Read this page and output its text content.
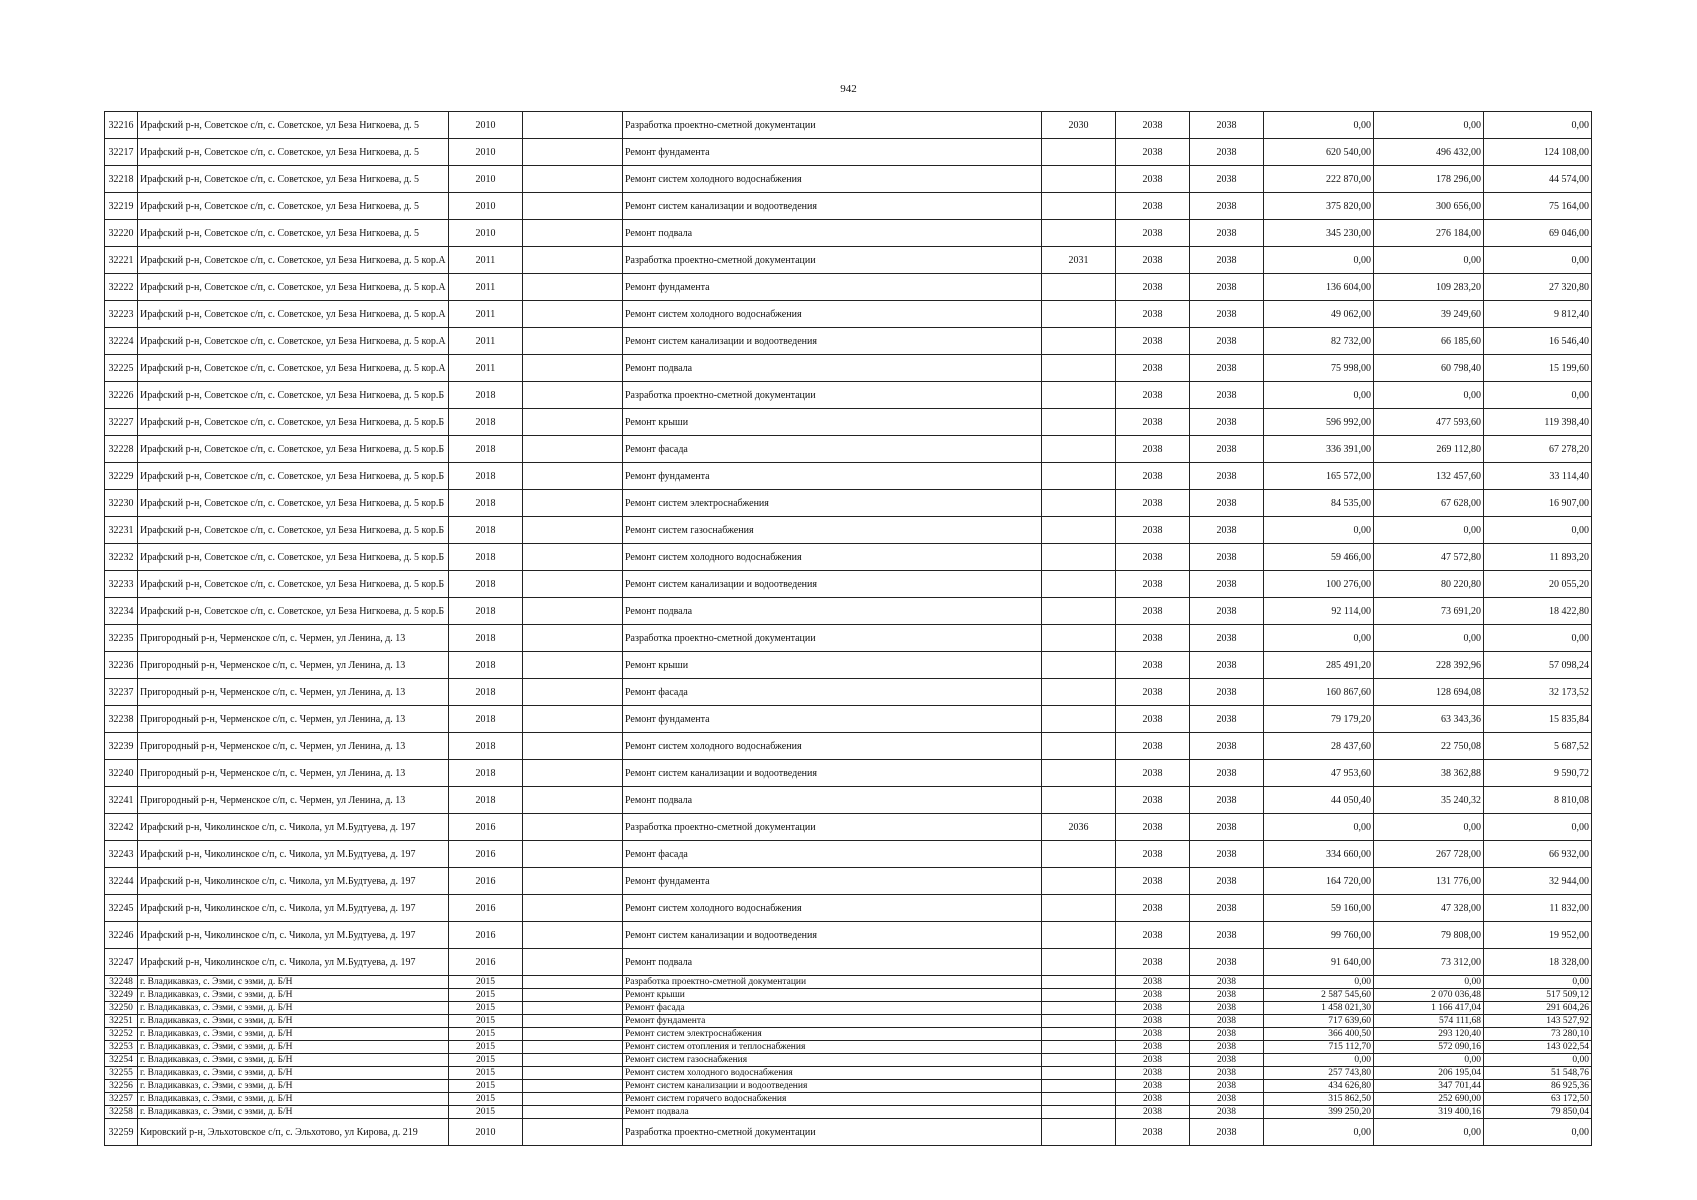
942
32216	Ирафский р-н, Советское с/п, с. Советское, ул Беза Нигкоева, д. 5	2010		Разработка проектно-сметной документации	2030	2038	2038	0,00	0,00	0,00
32217	Ирафский р-н, Советское с/п, с. Советское, ул Беза Нигкоева, д. 5	2010		Ремонт фундамента		2038	2038	620 540,00	496 432,00	124 108,00
32218	Ирафский р-н, Советское с/п, с. Советское, ул Беза Нигкоева, д. 5	2010		Ремонт систем холодного водоснабжения		2038	2038	222 870,00	178 296,00	44 574,00
32219	Ирафский р-н, Советское с/п, с. Советское, ул Беза Нигкоева, д. 5	2010		Ремонт систем канализации и водоотведения		2038	2038	375 820,00	300 656,00	75 164,00
32220	Ирафский р-н, Советское с/п, с. Советское, ул Беза Нигкоева, д. 5	2010		Ремонт подвала		2038	2038	345 230,00	276 184,00	69 046,00
32221	Ирафский р-н, Советское с/п, с. Советское, ул Беза Нигкоева, д. 5 кор.А	2011		Разработка проектно-сметной документации	2031	2038	2038	0,00	0,00	0,00
32222	Ирафский р-н, Советское с/п, с. Советское, ул Беза Нигкоева, д. 5 кор.А	2011		Ремонт фундамента		2038	2038	136 604,00	109 283,20	27 320,80
32223	Ирафский р-н, Советское с/п, с. Советское, ул Беза Нигкоева, д. 5 кор.А	2011		Ремонт систем холодного водоснабжения		2038	2038	49 062,00	39 249,60	9 812,40
32224	Ирафский р-н, Советское с/п, с. Советское, ул Беза Нигкоева, д. 5 кор.А	2011		Ремонт систем канализации и водоотведения		2038	2038	82 732,00	66 185,60	16 546,40
32225	Ирафский р-н, Советское с/п, с. Советское, ул Беза Нигкоева, д. 5 кор.А	2011		Ремонт подвала		2038	2038	75 998,00	60 798,40	15 199,60
32226	Ирафский р-н, Советское с/п, с. Советское, ул Беза Нигкоева, д. 5 кор.Б	2018		Разработка проектно-сметной документации		2038	2038	0,00	0,00	0,00
32227	Ирафский р-н, Советское с/п, с. Советское, ул Беза Нигкоева, д. 5 кор.Б	2018		Ремонт крыши		2038	2038	596 992,00	477 593,60	119 398,40
32228	Ирафский р-н, Советское с/п, с. Советское, ул Беза Нигкоева, д. 5 кор.Б	2018		Ремонт фасада		2038	2038	336 391,00	269 112,80	67 278,20
32229	Ирафский р-н, Советское с/п, с. Советское, ул Беза Нигкоева, д. 5 кор.Б	2018		Ремонт фундамента		2038	2038	165 572,00	132 457,60	33 114,40
32230	Ирафский р-н, Советское с/п, с. Советское, ул Беза Нигкоева, д. 5 кор.Б	2018		Ремонт систем электроснабжения		2038	2038	84 535,00	67 628,00	16 907,00
32231	Ирафский р-н, Советское с/п, с. Советское, ул Беза Нигкоева, д. 5 кор.Б	2018		Ремонт систем газоснабжения		2038	2038	0,00	0,00	0,00
32232	Ирафский р-н, Советское с/п, с. Советское, ул Беза Нигкоева, д. 5 кор.Б	2018		Ремонт систем холодного водоснабжения		2038	2038	59 466,00	47 572,80	11 893,20
32233	Ирафский р-н, Советское с/п, с. Советское, ул Беза Нигкоева, д. 5 кор.Б	2018		Ремонт систем канализации и водоотведения		2038	2038	100 276,00	80 220,80	20 055,20
32234	Ирафский р-н, Советское с/п, с. Советское, ул Беза Нигкоева, д. 5 кор.Б	2018		Ремонт подвала		2038	2038	92 114,00	73 691,20	18 422,80
32235	Пригородный р-н, Черменское с/п, с. Чермен, ул Ленина, д. 13	2018		Разработка проектно-сметной документации		2038	2038	0,00	0,00	0,00
32236	Пригородный р-н, Черменское с/п, с. Чермен, ул Ленина, д. 13	2018		Ремонт крыши		2038	2038	285 491,20	228 392,96	57 098,24
32237	Пригородный р-н, Черменское с/п, с. Чермен, ул Ленина, д. 13	2018		Ремонт фасада		2038	2038	160 867,60	128 694,08	32 173,52
32238	Пригородный р-н, Черменское с/п, с. Чермен, ул Ленина, д. 13	2018		Ремонт фундамента		2038	2038	79 179,20	63 343,36	15 835,84
32239	Пригородный р-н, Черменское с/п, с. Чермен, ул Ленина, д. 13	2018		Ремонт систем холодного водоснабжения		2038	2038	28 437,60	22 750,08	5 687,52
32240	Пригородный р-н, Черменское с/п, с. Чермен, ул Ленина, д. 13	2018		Ремонт систем канализации и водоотведения		2038	2038	47 953,60	38 362,88	9 590,72
32241	Пригородный р-н, Черменское с/п, с. Чермен, ул Ленина, д. 13	2018		Ремонт подвала		2038	2038	44 050,40	35 240,32	8 810,08
32242	Ирафский р-н, Чиколинское с/п, с. Чикола, ул М.Будтуева, д. 197	2016		Разработка проектно-сметной документации	2036	2038	2038	0,00	0,00	0,00
32243	Ирафский р-н, Чиколинское с/п, с. Чикола, ул М.Будтуева, д. 197	2016		Ремонт фасада		2038	2038	334 660,00	267 728,00	66 932,00
32244	Ирафский р-н, Чиколинское с/п, с. Чикола, ул М.Будтуева, д. 197	2016		Ремонт фундамента		2038	2038	164 720,00	131 776,00	32 944,00
32245	Ирафский р-н, Чиколинское с/п, с. Чикола, ул М.Будтуева, д. 197	2016		Ремонт систем холодного водоснабжения		2038	2038	59 160,00	47 328,00	11 832,00
32246	Ирафский р-н, Чиколинское с/п, с. Чикола, ул М.Будтуева, д. 197	2016		Ремонт систем канализации и водоотведения		2038	2038	99 760,00	79 808,00	19 952,00
32247	Ирафский р-н, Чиколинское с/п, с. Чикола, ул М.Будтуева, д. 197	2016		Ремонт подвала		2038	2038	91 640,00	73 312,00	18 328,00
32248	г. Владикавказ, с. Эзми, с эзми, д. Б/Н	2015		Разработка проектно-сметной документации		2038	2038	0,00	0,00	0,00
32249	г. Владикавказ, с. Эзми, с эзми, д. Б/Н	2015		Ремонт крыши		2038	2038	2 587 545,60	2 070 036,48	517 509,12
32250	г. Владикавказ, с. Эзми, с эзми, д. Б/Н	2015		Ремонт фасада		2038	2038	1 458 021,30	1 166 417,04	291 604,26
32251	г. Владикавказ, с. Эзми, с эзми, д. Б/Н	2015		Ремонт фундамента		2038	2038	717 639,60	574 111,68	143 527,92
32252	г. Владикавказ, с. Эзми, с эзми, д. Б/Н	2015		Ремонт систем электроснабжения		2038	2038	366 400,50	293 120,40	73 280,10
32253	г. Владикавказ, с. Эзми, с эзми, д. Б/Н	2015		Ремонт систем отопления и теплоснабжения		2038	2038	715 112,70	572 090,16	143 022,54
32254	г. Владикавказ, с. Эзми, с эзми, д. Б/Н	2015		Ремонт систем газоснабжения		2038	2038	0,00	0,00	0,00
32255	г. Владикавказ, с. Эзми, с эзми, д. Б/Н	2015		Ремонт систем холодного водоснабжения		2038	2038	257 743,80	206 195,04	51 548,76
32256	г. Владикавказ, с. Эзми, с эзми, д. Б/Н	2015		Ремонт систем канализации и водоотведения		2038	2038	434 626,80	347 701,44	86 925,36
32257	г. Владикавказ, с. Эзми, с эзми, д. Б/Н	2015		Ремонт систем горячего водоснабжения		2038	2038	315 862,50	252 690,00	63 172,50
32258	г. Владикавказ, с. Эзми, с эзми, д. Б/Н	2015		Ремонт подвала		2038	2038	399 250,20	319 400,16	79 850,04
32259	Кировский р-н, Эльхотовское с/п, с. Эльхотово, ул Кирова, д. 219	2010		Разработка проектно-сметной документации		2038	2038	0,00	0,00	0,00
